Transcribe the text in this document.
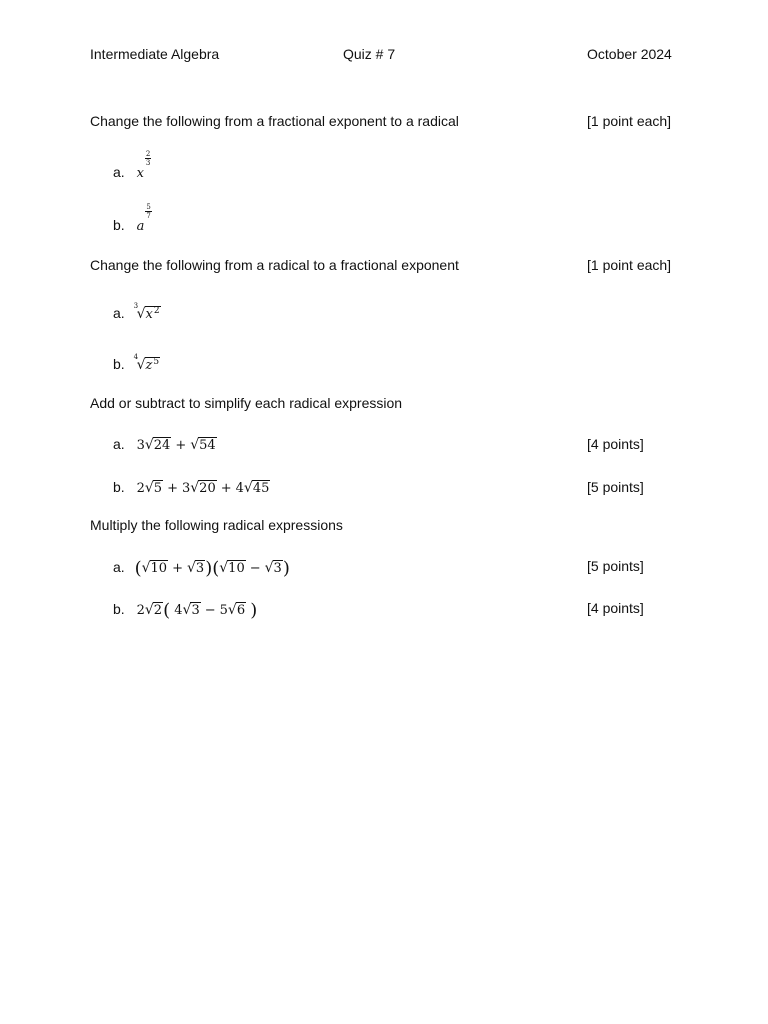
Intermediate Algebra	Quiz # 7	October 2024
Change the following from a fractional exponent to a radical	[1 point each]
a. x
$\frac{2}{3}$
b. a
$\frac{5}{7}$
Change the following from a radical to a fractional exponent	[1 point each]
a. 3
$√x^2$
b. 4
$√z^5$
Add or subtract to simplify each radical expression
a. 3√24 + √54	[4 points]
b. 2√5 + 3√20 + 4√45	[5 points]
Multiply the following radical expressions
a. (√10 + √3)(√10 − √3)	[5 points]
b. 2√2( 4√3 − 5√6 )	[4 points]
